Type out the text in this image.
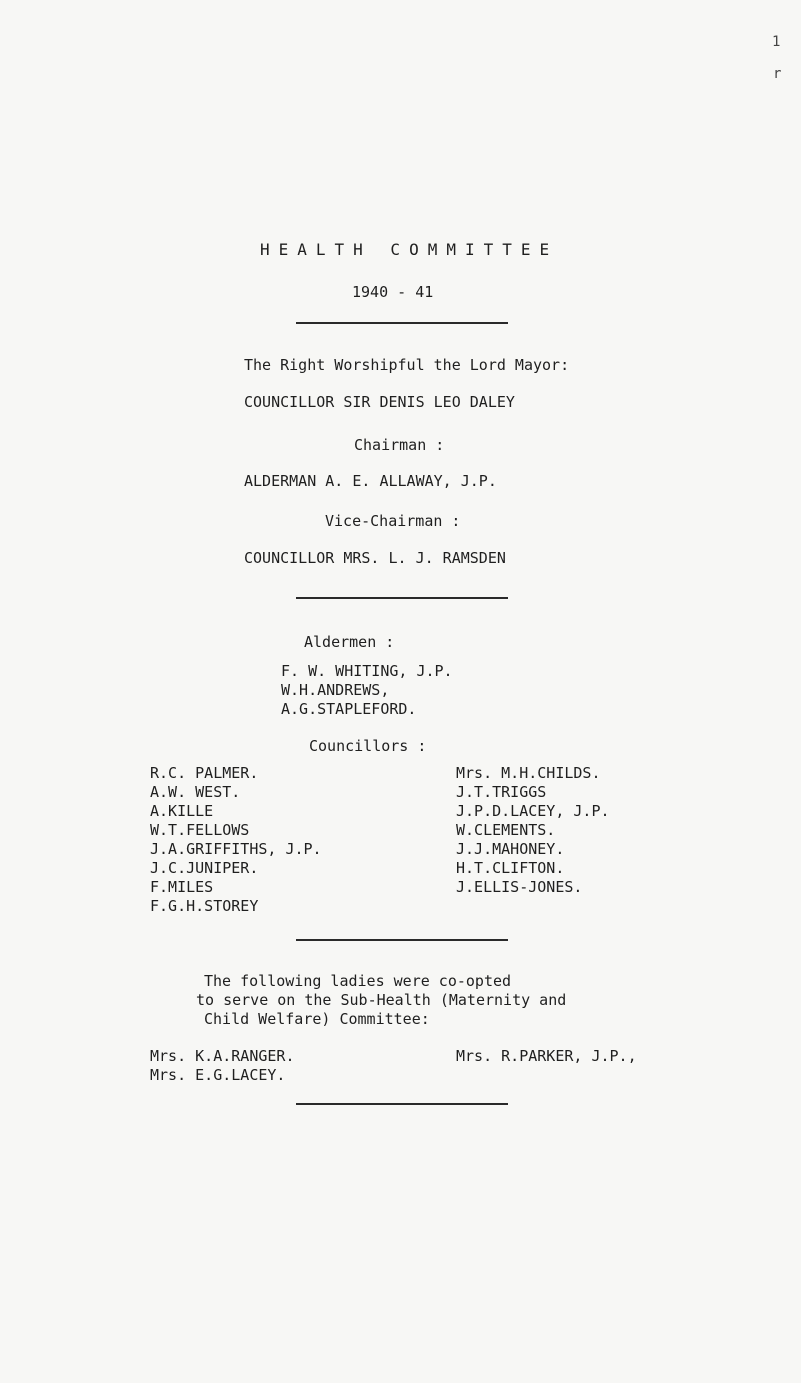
1
r
HEALTH COMMITTEE
1940 - 41
The Right Worshipful the Lord Mayor:
COUNCILLOR SIR DENIS LEO DALEY
Chairman :
ALDERMAN A. E. ALLAWAY, J.P.
Vice-Chairman :
COUNCILLOR MRS. L. J. RAMSDEN
Aldermen :
F. W. WHITING, J.P.
W.H.ANDREWS,
A.G.STAPLEFORD.
Councillors :
R.C. PALMER.
A.W. WEST.
A.KILLE
W.T.FELLOWS
J.A.GRIFFITHS, J.P.
J.C.JUNIPER.
F.MILES
F.G.H.STOREY
Mrs. M.H.CHILDS.
J.T.TRIGGS
J.P.D.LACEY, J.P.
W.CLEMENTS.
J.J.MAHONEY.
H.T.CLIFTON.
J.ELLIS-JONES.
The following ladies were co-opted
to serve on the Sub-Health (Maternity and
Child Welfare) Committee:
Mrs. K.A.RANGER.
Mrs. E.G.LACEY.
Mrs. R.PARKER, J.P.,
